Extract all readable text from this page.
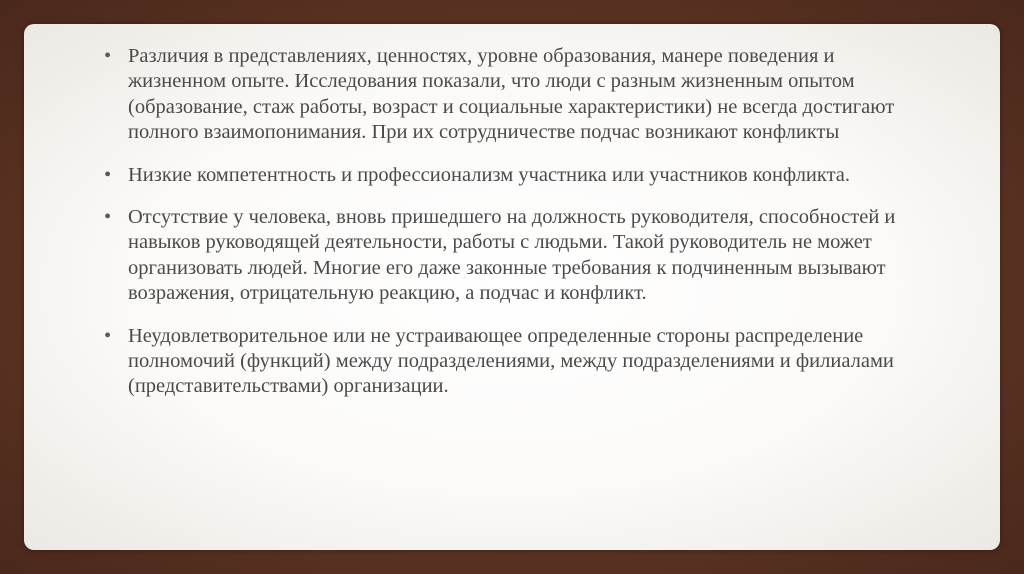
• Различия в представлениях, ценностях, уровне образования, манере поведения и жизненном опыте. Исследования показали, что люди с разным жизненным опытом (образование, стаж работы, возраст и социальные характеристики) не всегда достигают полного взаимопонимания. При их сотрудничестве подчас возникают конфликты
• Низкие компетентность и профессионализм участника или участников конфликта.
• Отсутствие у человека, вновь пришедшего на должность руководителя, способностей и навыков руководящей деятельности, работы с людьми. Такой руководитель не может организовать людей. Многие его даже законные требования к подчиненным вызывают возражения, отрицательную реакцию, а подчас и конфликт.
• Неудовлетворительное или не устраивающее определенные стороны распределение полномочий (функций) между подразделениями, между подразделениями и филиалами (представительствами) организации.
